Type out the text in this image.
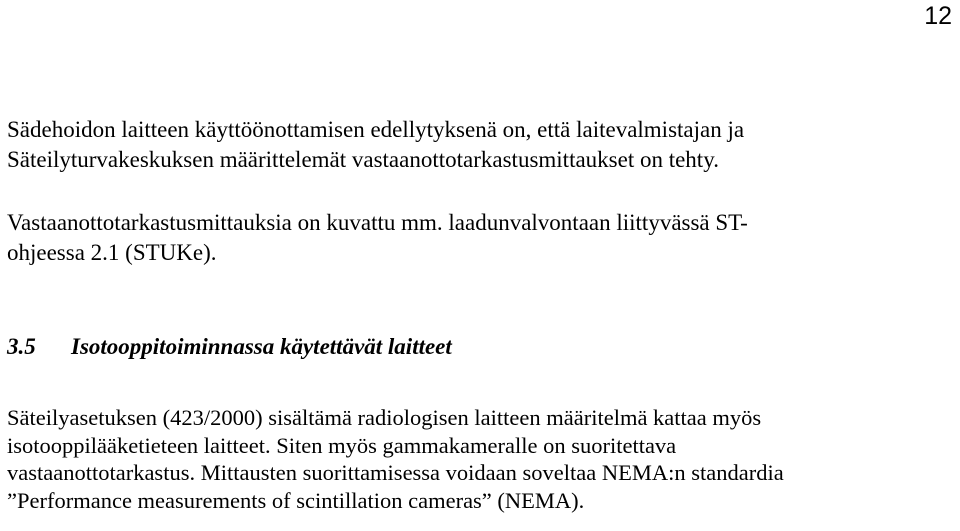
12
Sädehoidon laitteen käyttöönottamisen edellytyksenä on, että laitevalmistajan ja
Säteilyturvakeskuksen määrittelemät vastaanottotarkastusmittaukset on tehty.
Vastaanottotarkastusmittauksia on kuvattu mm. laadunvalvontaan liittyvässä ST-
ohjeessa 2.1 (STUKe).
3.5 Isotooppitoiminnassa käytettävät laitteet
Säteilyasetuksen (423/2000) sisältämä radiologisen laitteen määritelmä kattaa myös
isotooppilääketieteen laitteet. Siten myös gammakameralle on suoritettava
vastaanottotarkastus. Mittausten suorittamisessa voidaan soveltaa NEMA:n standardia
”Performance measurements of scintillation cameras” (NEMA).
